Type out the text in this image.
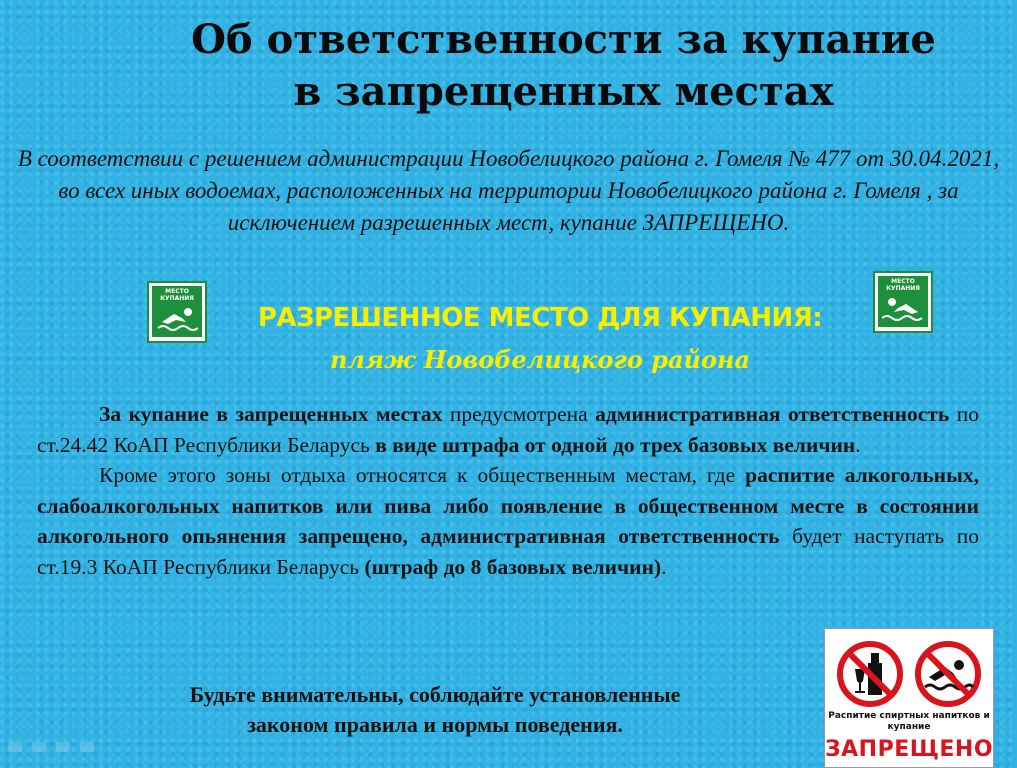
Об ответственности за купание
в запрещенных местах
В соответствии с решением администрации Новобелицкого района г. Гомеля № 477 от 30.04.2021, во всех иных водоемах, расположенных на территории Новобелицкого района г. Гомеля , за исключением разрешенных мест, купание ЗАПРЕЩЕНО.
МЕСТО КУПАНИЯ
МЕСТО КУПАНИЯ
РАЗРЕШЕННОЕ МЕСТО ДЛЯ КУПАНИЯ:
пляж Новобелицкого района

За купание в запрещенных местах предусмотрена административная ответственность по ст.24.42 КоАП Республики Беларусь в виде штрафа от одной до трех базовых величин.

Кроме этого зоны отдыха относятся к общественным местам, где распитие алкогольных, слабоалкогольных напитков или пива либо появление в общественном месте в состоянии алкогольного опьянения запрещено, административная ответственность будет наступать по ст.19.3 КоАП Республики Беларусь (штраф до 8 базовых величин).

Будьте внимательны, соблюдайте установленные
законом правила и нормы поведения.	Распитие спиртных напитков и купание
ЗАПРЕЩЕНО
